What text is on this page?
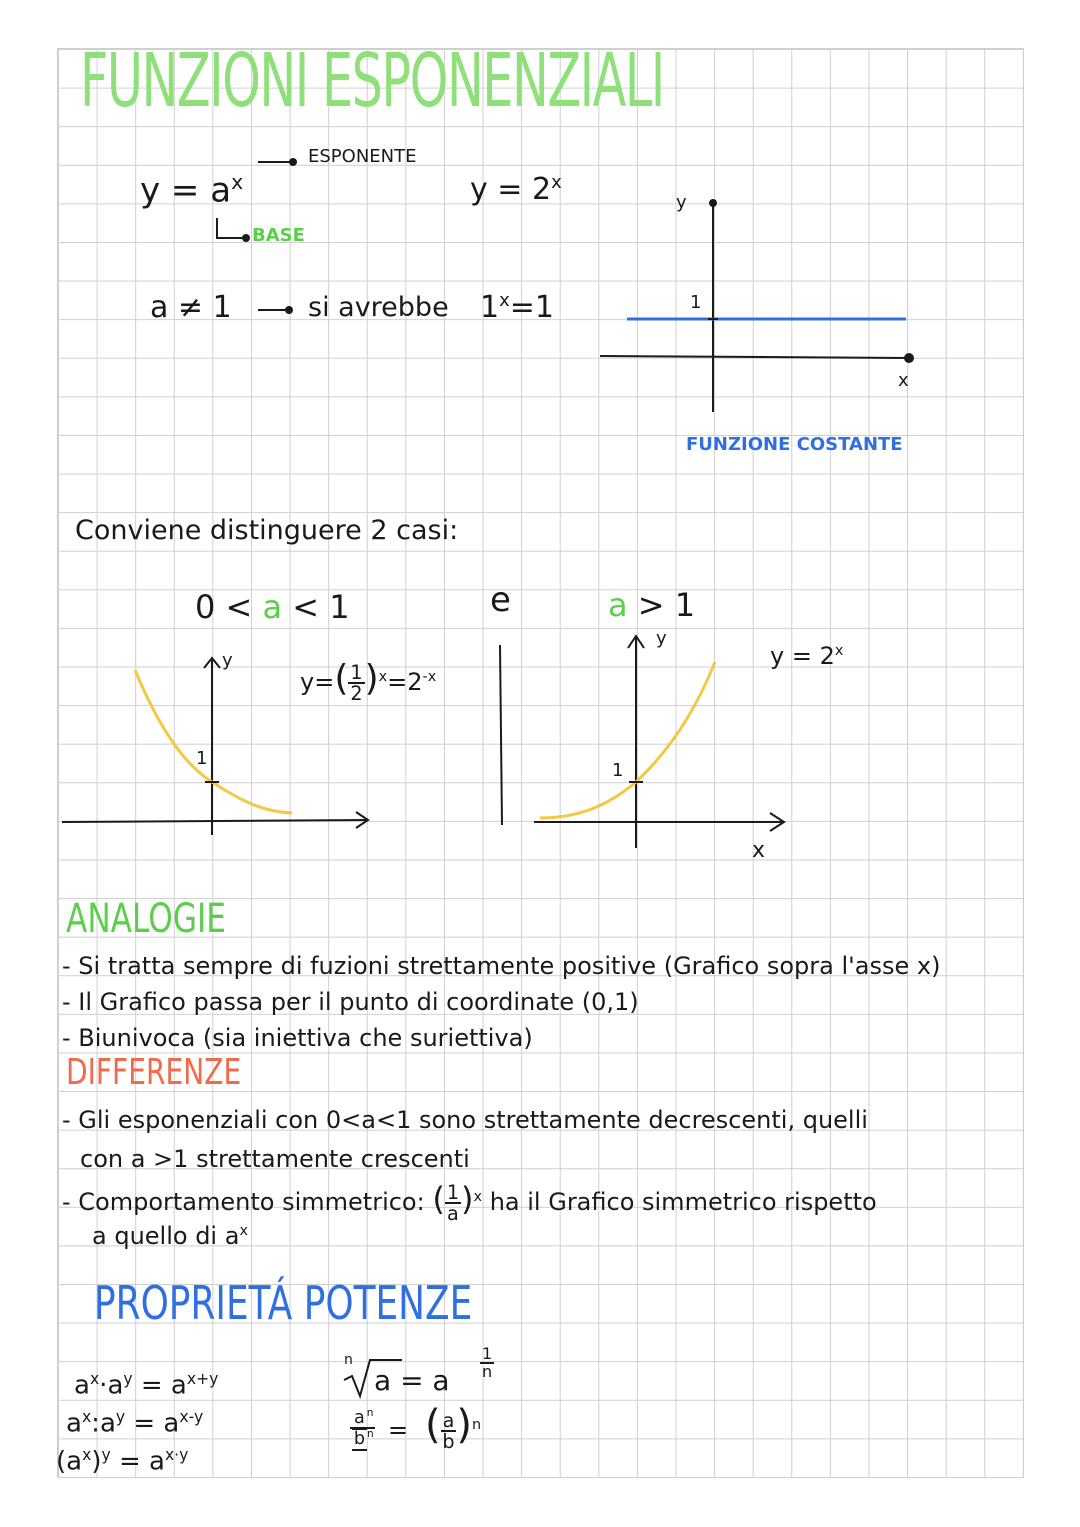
FUNZIONI ESPONENZIALI
$y = a^x$
ESPONENTE
BASE
$y = 2^x$
a ≠ 1	si avrebbe $1^x=1$
y
1
x
FUNZIONE COSTANTE
Conviene distinguere 2 casi:
0 < a < 1	e	a > 1
y
1
$y=( \frac{1}{2} )^x=2^{-x}$
y
1
x
$y = 2^x$
ANALOGIE
- Si tratta sempre di fuzioni strettamente positive (Grafico sopra l'asse x)
- Il Grafico passa per il punto di coordinate (0,1)
- Biunivoca (sia iniettiva che suriettiva)
DIFFERENZE
- Gli esponenziali con 0<a<1 sono strettamente decrescenti, quelli
con a >1 strettamente crescenti
- Comportamento simmetrico: ( $\frac{1}{a} )^x$ ha il Grafico simmetrico rispetto
a quello di $a^x$
PROPRIETÁ POTENZE
$a^x\cdot a^y = a^{x+y}$
$a^x:a^y = a^{x-y}$
$(a^x)^y = a^{x\cdot y}$
n
a = a
$\frac{1}{n}$
$\frac{a ^n}{b ^n}$ = ( $\frac{a}{b} )^n$
